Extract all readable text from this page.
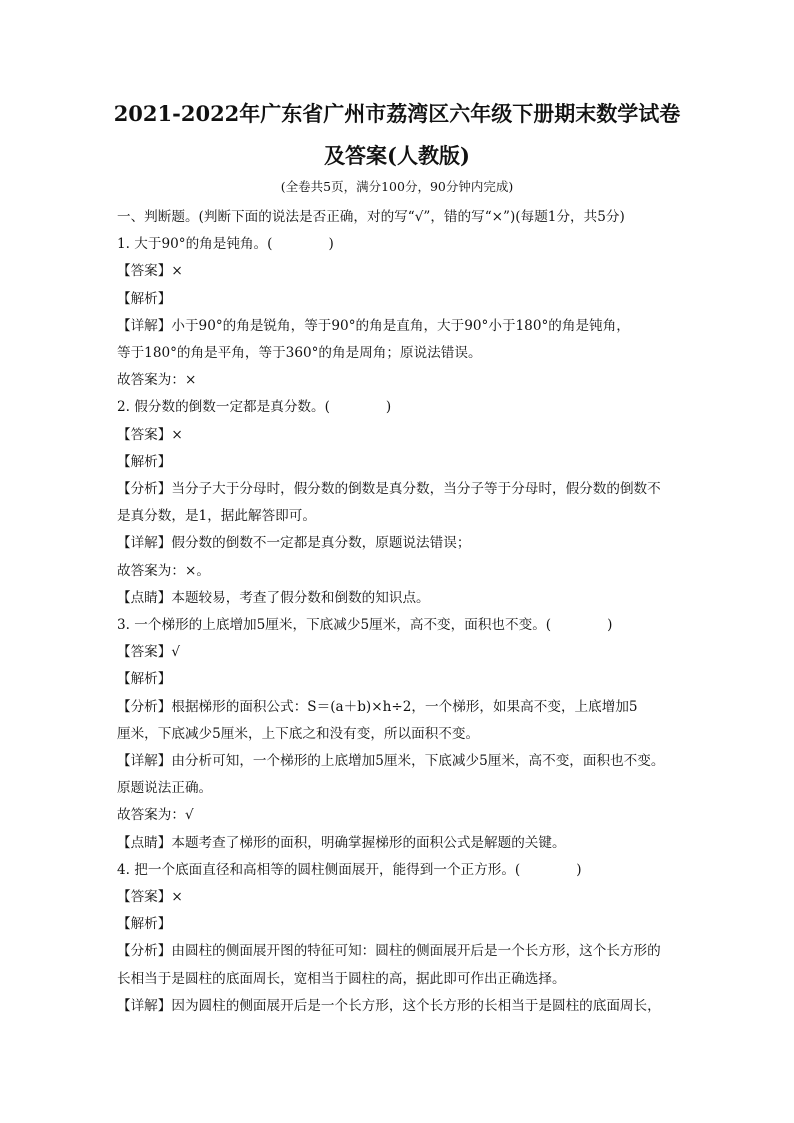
2021-2022年广东省广州市荔湾区六年级下册期末数学试卷
及答案(人教版)
(全卷共5页，满分100分，90分钟内完成)
一、判断题。(判断下面的说法是否正确，对的写“√”，错的写“×”)(每题1分，共5分)
1. 大于90°的角是钝角。(	)
【答案】×
【解析】
【详解】小于90°的角是锐角，等于90°的角是直角，大于90°小于180°的角是钝角，
等于180°的角是平角，等于360°的角是周角；原说法错误。
故答案为：×
2. 假分数的倒数一定都是真分数。(	)
【答案】×
【解析】
【分析】当分子大于分母时，假分数的倒数是真分数，当分子等于分母时，假分数的倒数不
是真分数，是1，据此解答即可。
【详解】假分数的倒数不一定都是真分数，原题说法错误；
故答案为：×。
【点睛】本题较易，考查了假分数和倒数的知识点。
3. 一个梯形的上底增加5厘米，下底减少5厘米，高不变，面积也不变。(	)
【答案】√
【解析】
【分析】根据梯形的面积公式：S＝(a＋b)×h÷2，一个梯形，如果高不变，上底增加5
厘米，下底减少5厘米，上下底之和没有变，所以面积不变。
【详解】由分析可知，一个梯形的上底增加5厘米，下底减少5厘米，高不变，面积也不变。
原题说法正确。
故答案为：√
【点睛】本题考查了梯形的面积，明确掌握梯形的面积公式是解题的关键。
4. 把一个底面直径和高相等的圆柱侧面展开，能得到一个正方形。(	)
【答案】×
【解析】
【分析】由圆柱的侧面展开图的特征可知：圆柱的侧面展开后是一个长方形，这个长方形的
长相当于是圆柱的底面周长，宽相当于圆柱的高，据此即可作出正确选择。
【详解】因为圆柱的侧面展开后是一个长方形，这个长方形的长相当于是圆柱的底面周长，
